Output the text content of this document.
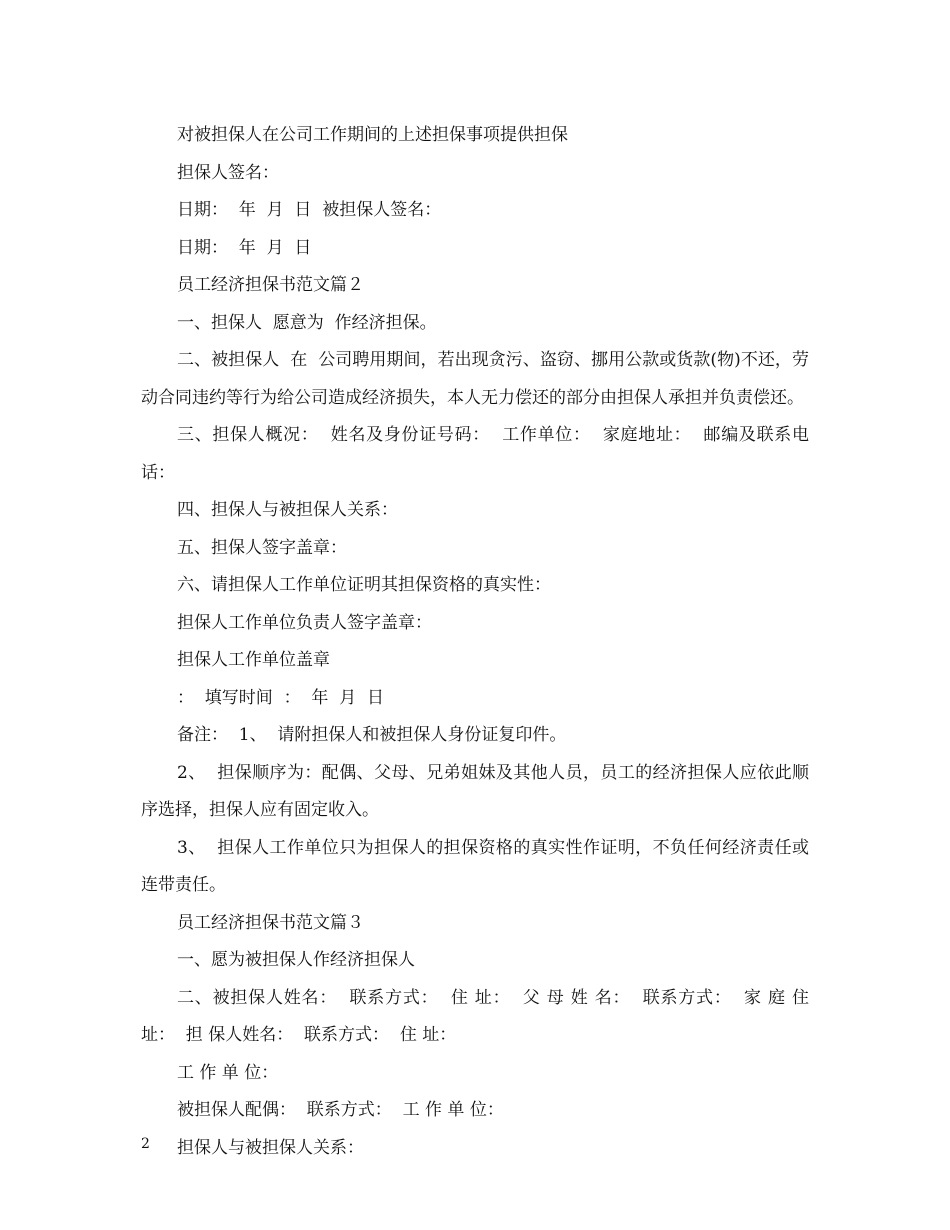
对被担保人在公司工作期间的上述担保事项提供担保

担保人签名：

日期：  年  月  日  被担保人签名：

日期：  年  月  日

员工经济担保书范文篇２

一、担保人  愿意为  作经济担保。

二、被担保人  在  公司聘用期间，若出现贪污、盗窃、挪用公款或货款(物)不还，劳动合同违约等行为给公司造成经济损失，本人无力偿还的部分由担保人承担并负责偿还。

三、担保人概况：  姓名及身份证号码：  工作单位：  家庭地址：  邮编及联系电话：

四、担保人与被担保人关系：

五、担保人签字盖章：

六、请担保人工作单位证明其担保资格的真实性：

担保人工作单位负责人签字盖章：

担保人工作单位盖章

：  填写时间  ：  年  月  日

备注：  1、  请附担保人和被担保人身份证复印件。

2、  担保顺序为：配偶、父母、兄弟姐妹及其他人员，员工的经济担保人应依此顺序选择，担保人应有固定收入。

3、  担保人工作单位只为担保人的担保资格的真实性作证明，不负任何经济责任或连带责任。

员工经济担保书范文篇３

一、愿为被担保人作经济担保人

二、被担保人姓名：  联系方式：  住 址：  父 母 姓 名：  联系方式：  家 庭 住 址：  担 保人姓名：  联系方式：  住 址：

工 作 单 位：

被担保人配偶：  联系方式：  工 作 单 位：

担保人与被担保人关系：

2
